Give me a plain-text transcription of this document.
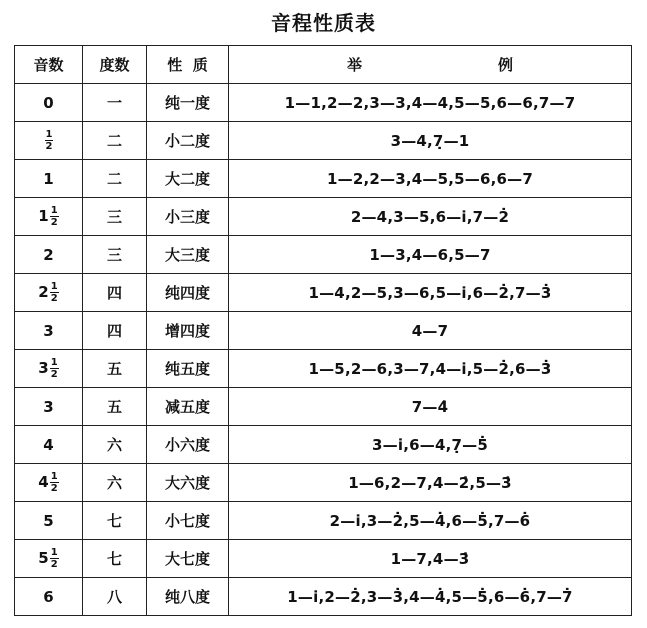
音程性质表
音数	度数	性  质	举 例

0	一	纯一度	1—1,2—2,3—3,4—4,5—5,6—6,7—7

$\frac{1}{2}$	二	小二度	3—4,7̣—1
1	二	大二度	1—2,2—3,4—5,5—6,6—7
$1 \frac{1}{2}$	三	小三度	2—4,3—5,6—i̇,7—2̇
2	三	大三度	1—3,4—6,5—7
$2 \frac{1}{2}$	四	纯四度	1—4,2—5,3—6,5—i̇,6—2̇,7—3̇
3	四	增四度	4—7
$3 \frac{1}{2}$	五	纯五度	1—5,2—6,3—7,4—i̇,5—2̇,6—3̇
3	五	减五度	7—4̇
4	六	小六度	3—i̇,6—4,7̣—5̇
$4 \frac{1}{2}$	六	大六度	1—6,2—7,4—2̇,5—3̇
5	七	小七度	2—i̇,3—2̇,5—4̇,6—5̇,7—6̇
$5 \frac{1}{2}$	七	大七度	1—7,4—3̇
6	八	纯八度	1—i̇,2—2̇,3—3̇,4—4̇,5—5̇,6—6̇,7—7̇
